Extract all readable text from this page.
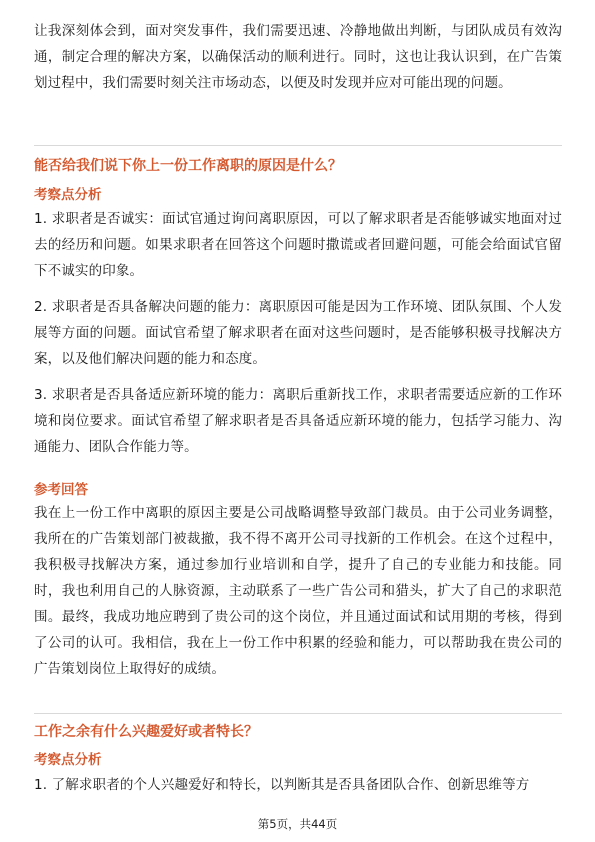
让我深刻体会到，面对突发事件，我们需要迅速、冷静地做出判断，与团队成员有效沟通，制定合理的解决方案，以确保活动的顺利进行。同时，这也让我认识到，在广告策划过程中，我们需要时刻关注市场动态，以便及时发现并应对可能出现的问题。

能否给我们说下你上一份工作离职的原因是什么？

考察点分析

1. 求职者是否诚实：面试官通过询问离职原因，可以了解求职者是否能够诚实地面对过去的经历和问题。如果求职者在回答这个问题时撒谎或者回避问题，可能会给面试官留下不诚实的印象。

2. 求职者是否具备解决问题的能力：离职原因可能是因为工作环境、团队氛围、个人发展等方面的问题。面试官希望了解求职者在面对这些问题时，是否能够积极寻找解决方案，以及他们解决问题的能力和态度。

3. 求职者是否具备适应新环境的能力：离职后重新找工作，求职者需要适应新的工作环境和岗位要求。面试官希望了解求职者是否具备适应新环境的能力，包括学习能力、沟通能力、团队合作能力等。

参考回答

我在上一份工作中离职的原因主要是公司战略调整导致部门裁员。由于公司业务调整，我所在的广告策划部门被裁撤，我不得不离开公司寻找新的工作机会。在这个过程中，我积极寻找解决方案，通过参加行业培训和自学，提升了自己的专业能力和技能。同时，我也利用自己的人脉资源，主动联系了一些广告公司和猎头，扩大了自己的求职范围。最终，我成功地应聘到了贵公司的这个岗位，并且通过面试和试用期的考核，得到了公司的认可。我相信，我在上一份工作中积累的经验和能力，可以帮助我在贵公司的广告策划岗位上取得好的成绩。

工作之余有什么兴趣爱好或者特长？

考察点分析

1. 了解求职者的个人兴趣爱好和特长，以判断其是否具备团队合作、创新思维等方

第5页，共44页
